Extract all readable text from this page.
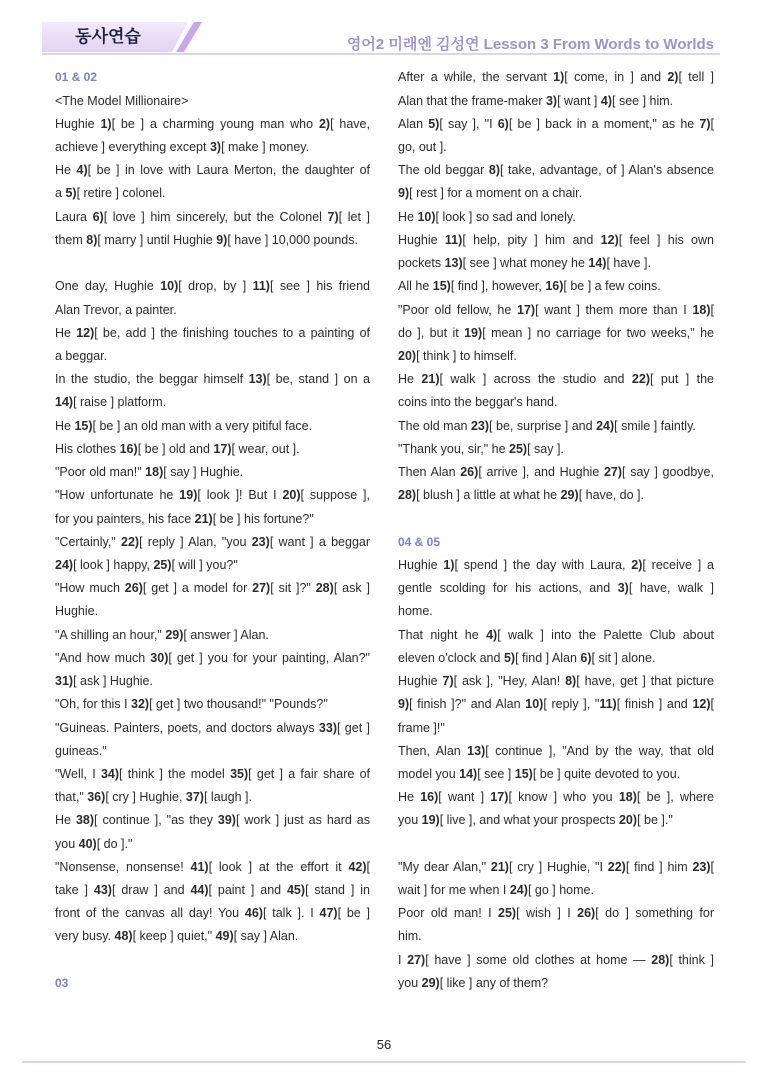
동사연습	영어2 미래엔 김성연 Lesson 3 From Words to Worlds
01 & 02
<The Model Millionaire>
Hughie 1)[ be ] a charming young man who 2)[ have,
achieve ] everything except 3)[ make ] money.
He 4)[ be ] in love with Laura Merton, the daughter of
a 5)[ retire ] colonel.
Laura 6)[ love ] him sincerely, but the Colonel 7)[ let ]
them 8)[ marry ] until Hughie 9)[ have ] 10,000 pounds.
One day, Hughie 10)[ drop, by ] 11)[ see ] his friend
Alan Trevor, a painter.
He 12)[ be, add ] the finishing touches to a painting of
a beggar.
In the studio, the beggar himself 13)[ be, stand ] on a
14)[ raise ] platform.
He 15)[ be ] an old man with a very pitiful face.
His clothes 16)[ be ] old and 17)[ wear, out ].
"Poor old man!" 18)[ say ] Hughie.
"How unfortunate he 19)[ look ]! But I 20)[ suppose ],
for you painters, his face 21)[ be ] his fortune?"
"Certainly," 22)[ reply ] Alan, "you 23)[ want ] a beggar
24)[ look ] happy, 25)[ will ] you?"
"How much 26)[ get ] a model for 27)[ sit ]?" 28)[ ask ]
Hughie.
"A shilling an hour," 29)[ answer ] Alan.
"And how much 30)[ get ] you for your painting, Alan?"
31)[ ask ] Hughie.
"Oh, for this I 32)[ get ] two thousand!" "Pounds?"
"Guineas. Painters, poets, and doctors always 33)[ get ]
guineas."
"Well, I 34)[ think ] the model 35)[ get ] a fair share of
that," 36)[ cry ] Hughie, 37)[ laugh ].
He 38)[ continue ], "as they 39)[ work ] just as hard as
you 40)[ do ]."
"Nonsense, nonsense! 41)[ look ] at the effort it 42)[
take ] 43)[ draw ] and 44)[ paint ] and 45)[ stand ] in
front of the canvas all day! You 46)[ talk ]. I 47)[ be ]
very busy. 48)[ keep ] quiet," 49)[ say ] Alan.
03
After a while, the servant 1)[ come, in ] and 2)[ tell ]
Alan that the frame-maker 3)[ want ] 4)[ see ] him.
Alan 5)[ say ], "I 6)[ be ] back in a moment," as he 7)[
go, out ].
The old beggar 8)[ take, advantage, of ] Alan's absence
9)[ rest ] for a moment on a chair.
He 10)[ look ] so sad and lonely.
Hughie 11)[ help, pity ] him and 12)[ feel ] his own
pockets 13)[ see ] what money he 14)[ have ].
All he 15)[ find ], however, 16)[ be ] a few coins.
"Poor old fellow, he 17)[ want ] them more than I 18)[
do ], but it 19)[ mean ] no carriage for two weeks," he
20)[ think ] to himself.
He 21)[ walk ] across the studio and 22)[ put ] the
coins into the beggar's hand.
The old man 23)[ be, surprise ] and 24)[ smile ] faintly.
"Thank you, sir," he 25)[ say ].
Then Alan 26)[ arrive ], and Hughie 27)[ say ] goodbye,
28)[ blush ] a little at what he 29)[ have, do ].
04 & 05
Hughie 1)[ spend ] the day with Laura, 2)[ receive ] a
gentle scolding for his actions, and 3)[ have, walk ]
home.
That night he 4)[ walk ] into the Palette Club about
eleven o'clock and 5)[ find ] Alan 6)[ sit ] alone.
Hughie 7)[ ask ], "Hey, Alan! 8)[ have, get ] that picture
9)[ finish ]?" and Alan 10)[ reply ], "11)[ finish ] and 12)[
frame ]!"
Then, Alan 13)[ continue ], "And by the way, that old
model you 14)[ see ] 15)[ be ] quite devoted to you.
He 16)[ want ] 17)[ know ] who you 18)[ be ], where
you 19)[ live ], and what your prospects 20)[ be ]."
"My dear Alan," 21)[ cry ] Hughie, "I 22)[ find ] him 23)[
wait ] for me when I 24)[ go ] home.
Poor old man! I 25)[ wish ] I 26)[ do ] something for
him.
I 27)[ have ] some old clothes at home — 28)[ think ]
you 29)[ like ] any of them?
56
